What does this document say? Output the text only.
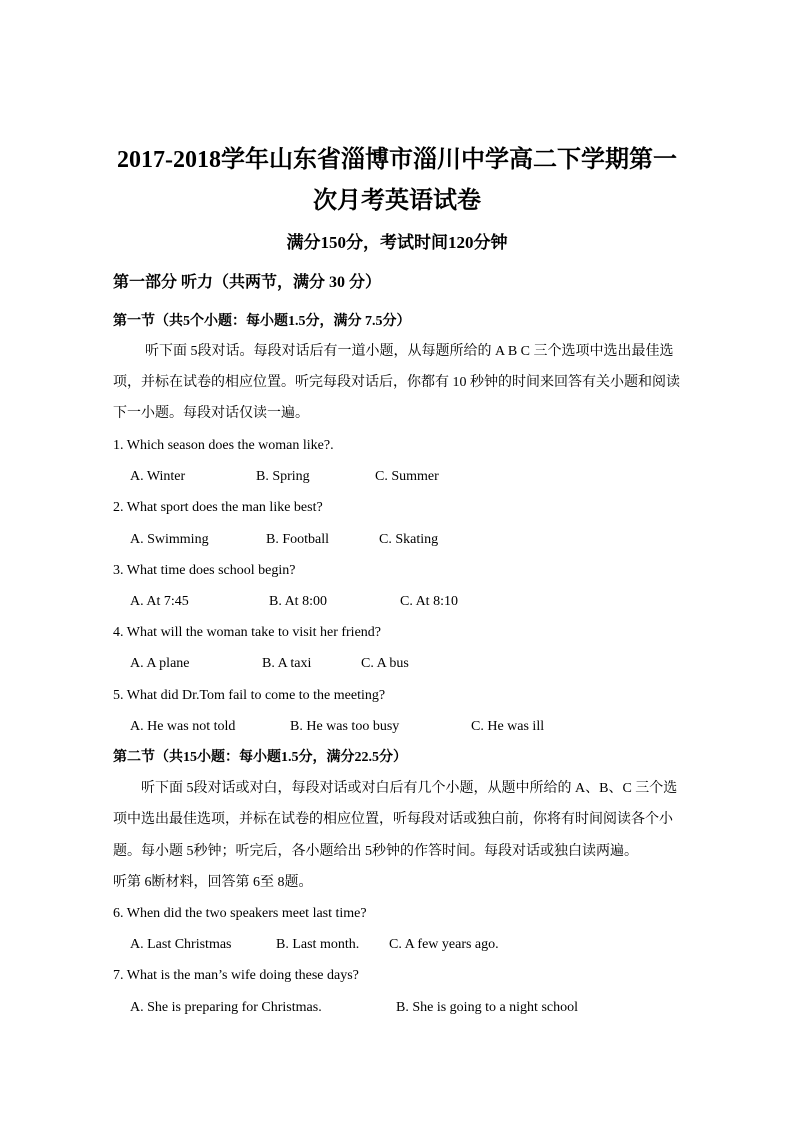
2017-2018学年山东省淄博市淄川中学高二下学期第一
次月考英语试卷
满分150分，考试时间120分钟
第一部分 听力（共两节，满分 30 分）
第一节（共5个小题：每小题1.5分，满分 7.5分）
听下面 5段对话。每段对话后有一道小题，从每题所给的 A B C 三个选项中选出最佳选
项，并标在试卷的相应位置。听完每段对话后，你都有 10 秒钟的时间来回答有关小题和阅读
下一小题。每段对话仅读一遍。
1. Which season does the woman like?.
A. Winter	B. Spring	C. Summer
2. What sport does the man like best?
A. Swimming	B. Football	C. Skating
3. What time does school begin?
A. At 7:45	B. At 8:00	C. At 8:10
4. What will the woman take to visit her friend?
A. A plane	B. A taxi	C. A bus
5. What did Dr.Tom fail to come to the meeting?
A. He was not told	B. He was too busy	C. He was ill
第二节（共15小题：每小题1.5分，满分22.5分）
听下面 5段对话或对白，每段对话或对白后有几个小题，从题中所给的 A、B、C 三个选
项中选出最佳选项，并标在试卷的相应位置，听每段对话或独白前，你将有时间阅读各个小
题。每小题 5秒钟；听完后，各小题给出 5秒钟的作答时间。每段对话或独白读两遍。
听第 6断材料，回答第 6至 8题。
6. When did the two speakers meet last time?
A. Last Christmas	B. Last month. C. A few years ago.
7. What is the man’s wife doing these days?
A. She is preparing for Christmas.	B. She is going to a night school
